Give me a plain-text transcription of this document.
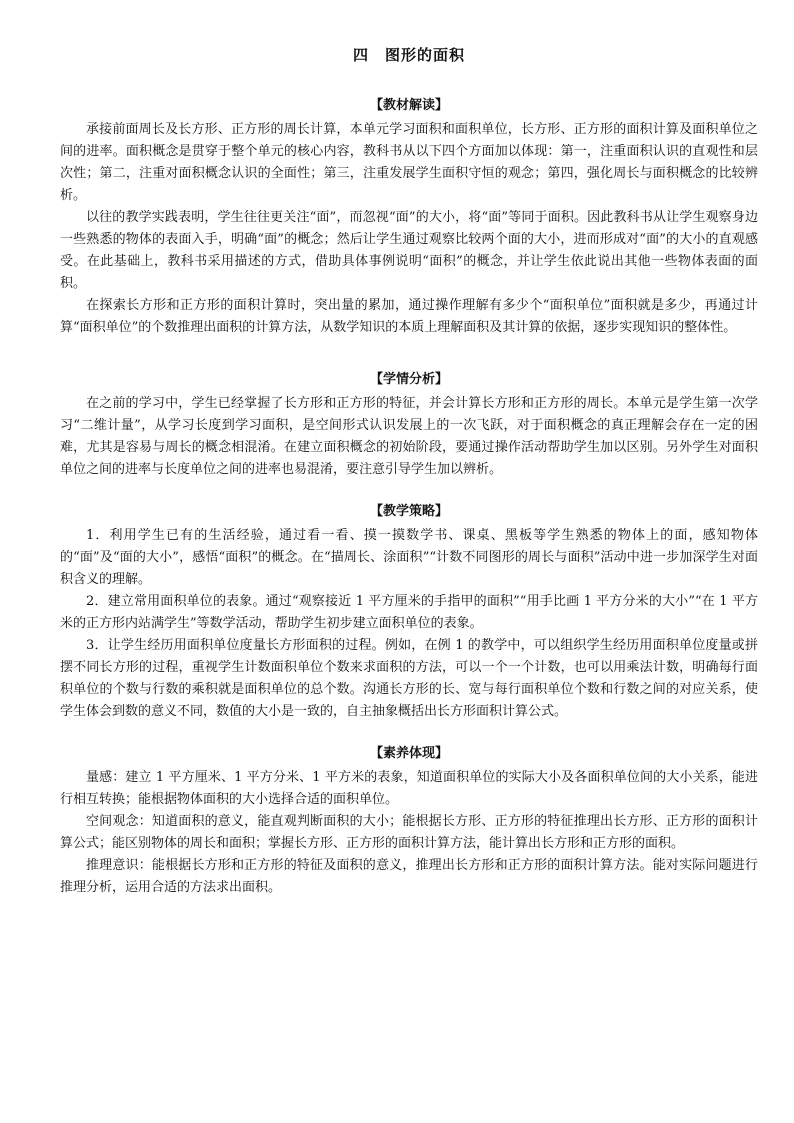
四　图形的面积
【教材解读】

承接前面周长及长方形、正方形的周长计算，本单元学习面积和面积单位，长方形、正方形的面积计算及面积单位之间的进率。面积概念是贯穿于整个单元的核心内容，教科书从以下四个方面加以体现：第一，注重面积认识的直观性和层次性；第二，注重对面积概念认识的全面性；第三，注重发展学生面积守恒的观念；第四，强化周长与面积概念的比较辨析。

以往的教学实践表明，学生往往更关注“面”，而忽视“面”的大小，将“面”等同于面积。因此教科书从让学生观察身边一些熟悉的物体的表面入手，明确“面”的概念；然后让学生通过观察比较两个面的大小，进而形成对“面”的大小的直观感受。在此基础上，教科书采用描述的方式，借助具体事例说明“面积”的概念，并让学生依此说出其他一些物体表面的面积。

在探索长方形和正方形的面积计算时，突出量的累加，通过操作理解有多少个“面积单位”面积就是多少，再通过计算“面积单位”的个数推理出面积的计算方法，从数学知识的本质上理解面积及其计算的依据，逐步实现知识的整体性。

【学情分析】

在之前的学习中，学生已经掌握了长方形和正方形的特征，并会计算长方形和正方形的周长。本单元是学生第一次学习“二维计量”，从学习长度到学习面积，是空间形式认识发展上的一次飞跃，对于面积概念的真正理解会存在一定的困难，尤其是容易与周长的概念相混淆。在建立面积概念的初始阶段，要通过操作活动帮助学生加以区别。另外学生对面积单位之间的进率与长度单位之间的进率也易混淆，要注意引导学生加以辨析。

【教学策略】

1．利用学生已有的生活经验，通过看一看、摸一摸数学书、课桌、黑板等学生熟悉的物体上的面，感知物体的“面”及“面的大小”，感悟“面积”的概念。在“描周长、涂面积”“计数不同图形的周长与面积”活动中进一步加深学生对面积含义的理解。

2．建立常用面积单位的表象。通过“观察接近 1 平方厘米的手指甲的面积”“用手比画 1 平方分米的大小”“在 1 平方米的正方形内站满学生”等数学活动，帮助学生初步建立面积单位的表象。

3．让学生经历用面积单位度量长方形面积的过程。例如，在例 1 的教学中，可以组织学生经历用面积单位度量或拼摆不同长方形的过程，重视学生计数面积单位个数来求面积的方法，可以一个一个计数，也可以用乘法计数，明确每行面积单位的个数与行数的乘积就是面积单位的总个数。沟通长方形的长、宽与每行面积单位个数和行数之间的对应关系，使学生体会到数的意义不同，数值的大小是一致的，自主抽象概括出长方形面积计算公式。

【素养体现】

量感：建立 1 平方厘米、1 平方分米、1 平方米的表象，知道面积单位的实际大小及各面积单位间的大小关系，能进行相互转换；能根据物体面积的大小选择合适的面积单位。

空间观念：知道面积的意义，能直观判断面积的大小；能根据长方形、正方形的特征推理出长方形、正方形的面积计算公式；能区别物体的周长和面积；掌握长方形、正方形的面积计算方法，能计算出长方形和正方形的面积。

推理意识：能根据长方形和正方形的特征及面积的意义，推理出长方形和正方形的面积计算方法。能对实际问题进行推理分析，运用合适的方法求出面积。
